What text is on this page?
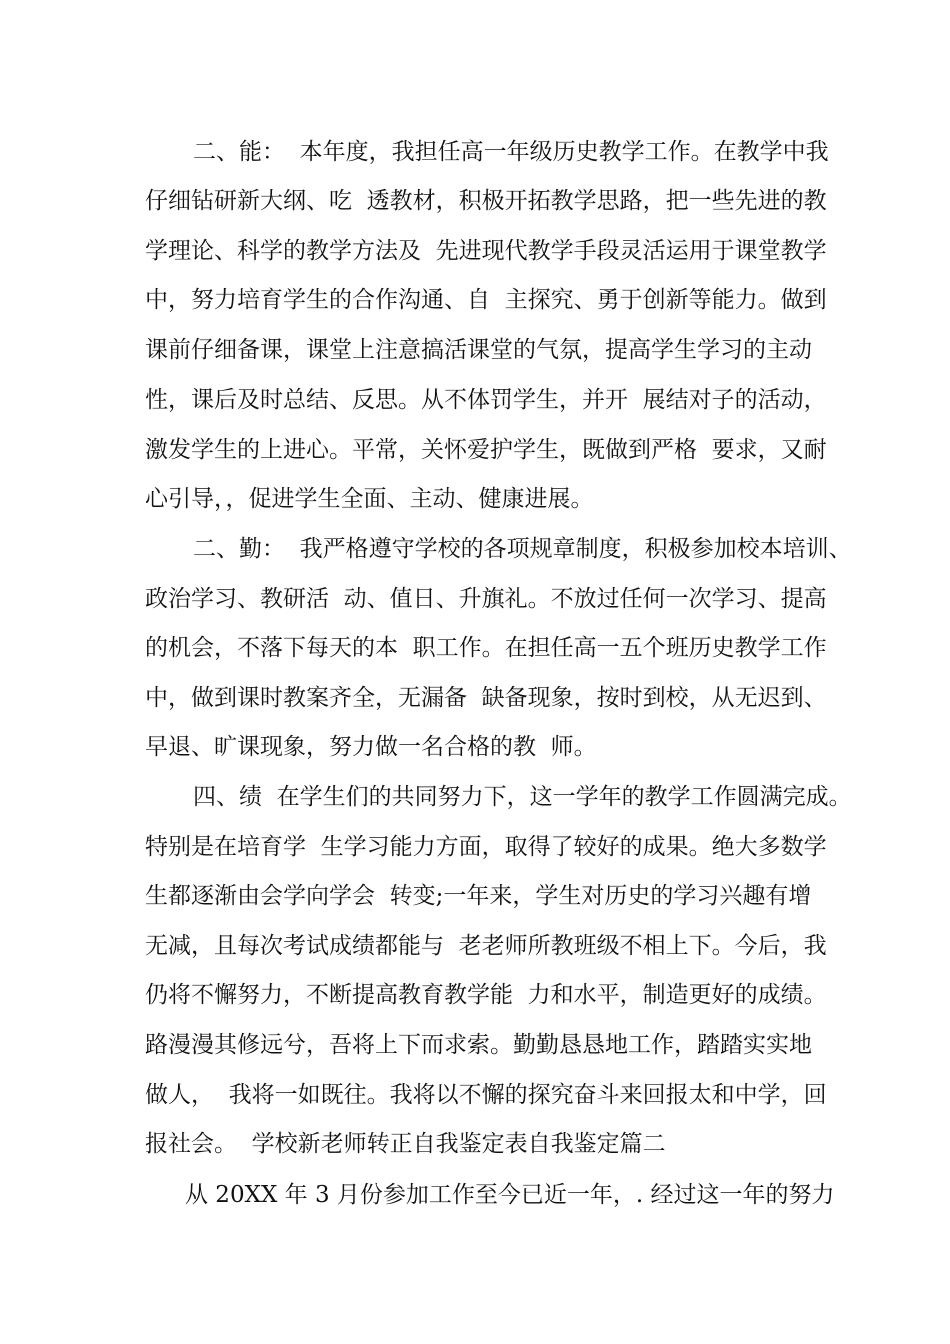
二、能：  本年度，我担任高一年级历史教学工作。在教学中我
仔细钻研新大纲、吃  透教材，积极开拓教学思路，把一些先进的教
学理论、科学的教学方法及  先进现代教学手段灵活运用于课堂教学
中，努力培育学生的合作沟通、自  主探究、勇于创新等能力。做到
课前仔细备课，课堂上注意搞活课堂的气氛，提高学生学习的主动
性，课后及时总结、反思。从不体罚学生，并开  展结对子的活动，
激发学生的上进心。平常，关怀爱护学生，既做到严格  要求，又耐
心引导，，促进学生全面、主动、健康进展。
二、勤：  我严格遵守学校的各项规章制度，积极参加校本培训、
政治学习、教研活  动、值日、升旗礼。不放过任何一次学习、提高
的机会，不落下每天的本  职工作。在担任高一五个班历史教学工作
中，做到课时教案齐全，无漏备  缺备现象，按时到校，从无迟到、
早退、旷课现象，努力做一名合格的教  师。
四、绩  在学生们的共同努力下，这一学年的教学工作圆满完成。
特别是在培育学  生学习能力方面，取得了较好的成果。绝大多数学
生都逐渐由会学向学会  转变;一年来，学生对历史的学习兴趣有增
无减，且每次考试成绩都能与  老老师所教班级不相上下。今后，我
仍将不懈努力，不断提高教育教学能  力和水平，制造更好的成绩。
路漫漫其修远兮，吾将上下而求索。勤勤恳恳地工作，踏踏实实地
做人，  我将一如既往。我将以不懈的探究奋斗来回报太和中学，回
报社会。  学校新老师转正自我鉴定表自我鉴定篇二
从 20XX 年 3 月份参加工作至今已近一年，. 经过这一年的努力
